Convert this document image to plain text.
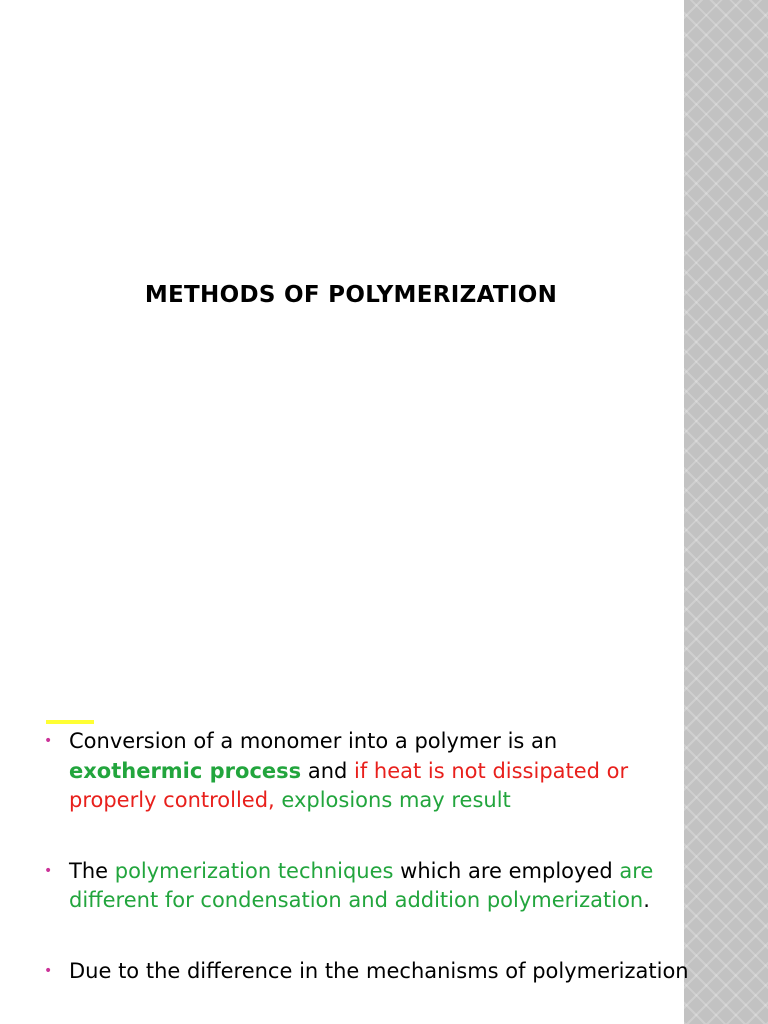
METHODS OF POLYMERIZATION
• Conversion of a monomer into a polymer is an exothermic process and if heat is not dissipated or properly controlled, explosions may result
• The polymerization techniques which are employed are different for condensation and addition polymerization.
• Due to the difference in the mechanisms of polymerization
